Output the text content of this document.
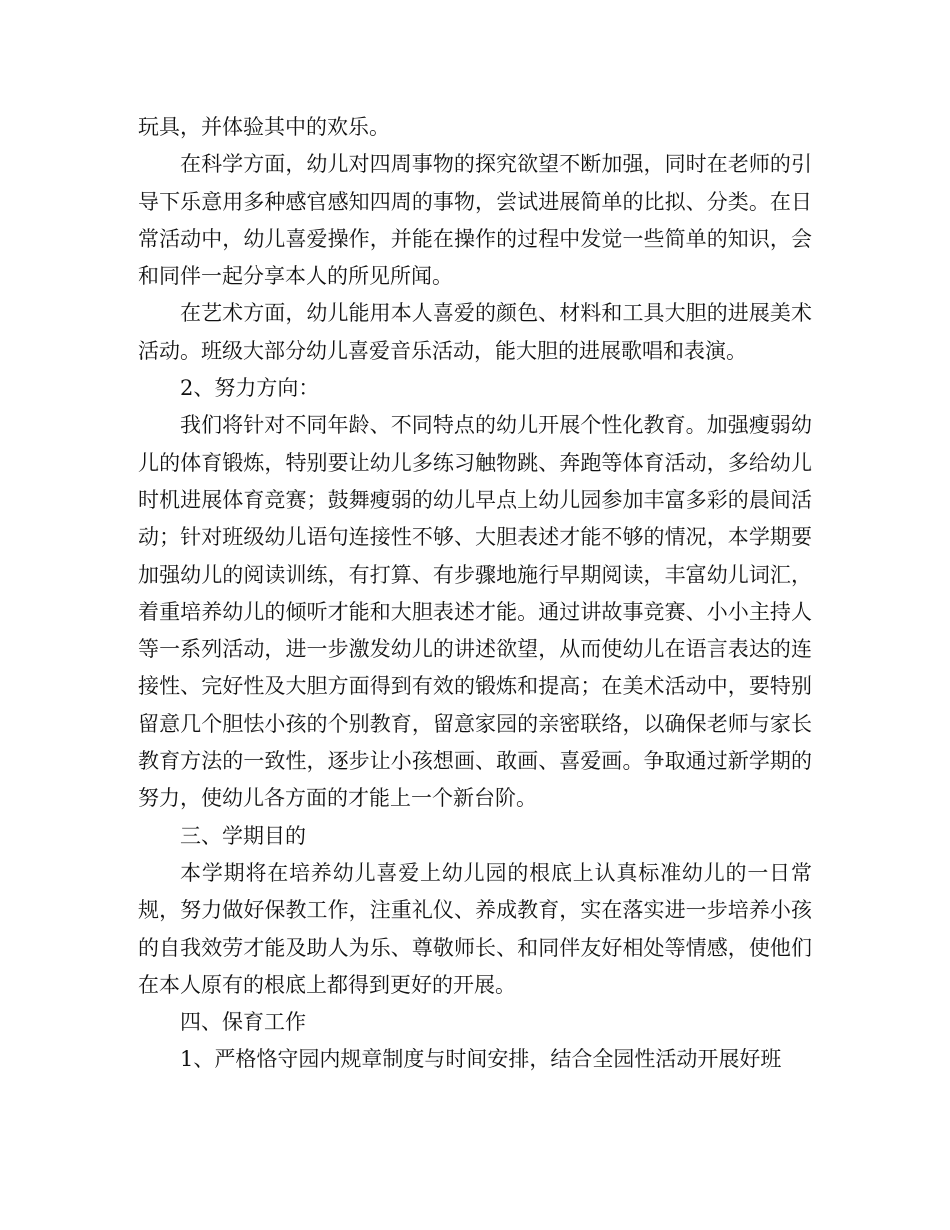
玩具，并体验其中的欢乐。

在科学方面，幼儿对四周事物的探究欲望不断加强，同时在老师的引导下乐意用多种感官感知四周的事物，尝试进展简单的比拟、分类。在日常活动中，幼儿喜爱操作，并能在操作的过程中发觉一些简单的知识，会和同伴一起分享本人的所见所闻。

在艺术方面，幼儿能用本人喜爱的颜色、材料和工具大胆的进展美术活动。班级大部分幼儿喜爱音乐活动，能大胆的进展歌唱和表演。

2、努力方向：

我们将针对不同年龄、不同特点的幼儿开展个性化教育。加强瘦弱幼儿的体育锻炼，特别要让幼儿多练习触物跳、奔跑等体育活动，多给幼儿时机进展体育竞赛；鼓舞瘦弱的幼儿早点上幼儿园参加丰富多彩的晨间活动；针对班级幼儿语句连接性不够、大胆表述才能不够的情况，本学期要加强幼儿的阅读训练，有打算、有步骤地施行早期阅读，丰富幼儿词汇，着重培养幼儿的倾听才能和大胆表述才能。通过讲故事竞赛、小小主持人等一系列活动，进一步激发幼儿的讲述欲望，从而使幼儿在语言表达的连接性、完好性及大胆方面得到有效的锻炼和提高；在美术活动中，要特别留意几个胆怯小孩的个别教育，留意家园的亲密联络，以确保老师与家长教育方法的一致性，逐步让小孩想画、敢画、喜爱画。争取通过新学期的努力，使幼儿各方面的才能上一个新台阶。

三、学期目的

本学期将在培养幼儿喜爱上幼儿园的根底上认真标准幼儿的一日常规，努力做好保教工作，注重礼仪、养成教育，实在落实进一步培养小孩的自我效劳才能及助人为乐、尊敬师长、和同伴友好相处等情感，使他们在本人原有的根底上都得到更好的开展。

四、保育工作

1、严格恪守园内规章制度与时间安排，结合全园性活动开展好班
